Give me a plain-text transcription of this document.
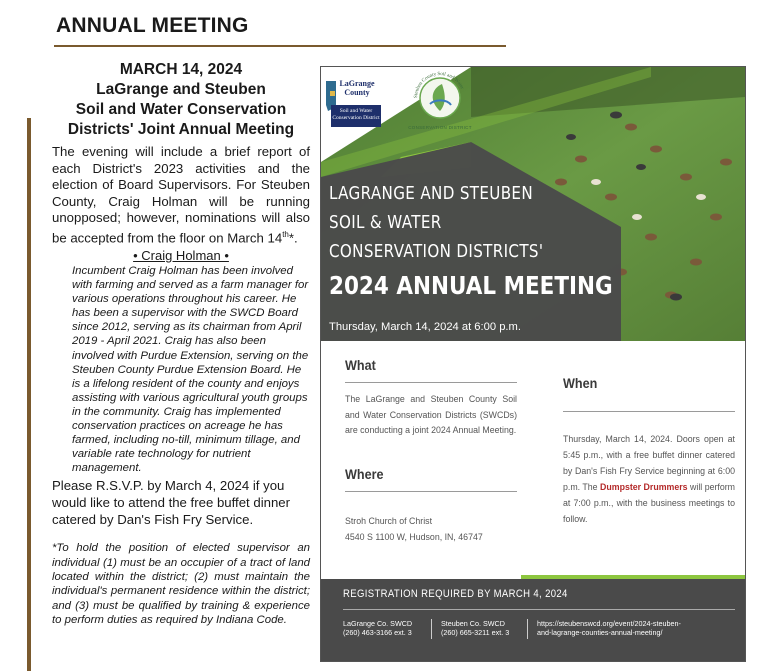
ANNUAL MEETING
MARCH 14, 2024
LaGrange and Steuben
Soil and Water Conservation
Districts' Joint Annual Meeting
The evening will include a brief report of each District's 2023 activities and the election of Board Supervisors. For Steuben County, Craig Holman will be running unopposed; however, nominations will also be accepted from the floor on March 14th*.
• Craig Holman •
Incumbent Craig Holman has been involved with farming and served as a farm manager for various operations throughout his career. He has been a supervisor with the SWCD Board since 2012, serving as its chairman from April 2019 - April 2021. Craig has also been involved with Purdue Extension, serving on the Steuben County Purdue Extension Board. He is a lifelong resident of the county and enjoys assisting with various agricultural youth groups in the community. Craig has implemented conservation practices on acreage he has farmed, including no-till, minimum tillage, and variable rate technology for nutrient management.
Please R.S.V.P. by March 4, 2024 if you would like to attend the free buffet dinner catered by Dan's Fish Fry Service.
*To hold the position of elected supervisor an individual (1) must be an occupier of a tract of land located within the district; (2) must maintain the individual's permanent residence within the district; and (3) must be qualified by training & experience to perform duties as required by Indiana Code.
LaGrange County
Soil and Water Conservation District
Steuben County Soil and Water
CONSERVATION DISTRICT
LAGRANGE AND STEUBEN
SOIL & WATER
CONSERVATION DISTRICTS'
2024 ANNUAL MEETING
Thursday, March 14, 2024 at 6:00 p.m.
What
The LaGrange and Steuben County Soil and Water Conservation Districts (SWCDs) are conducting a joint 2024 Annual Meeting.
Where
Stroh Church of Christ
4540 S 1100 W, Hudson, IN, 46747
When
Thursday, March 14, 2024. Doors open at 5:45 p.m., with a free buffet dinner catered by Dan's Fish Fry Service beginning at 6:00 p.m. The Dumpster Drummers will perform at 7:00 p.m., with the business meetings to follow.
REGISTRATION REQUIRED BY MARCH 4, 2024
LaGrange Co. SWCD
(260) 463-3166 ext. 3
Steuben Co. SWCD
(260) 665-3211 ext. 3
https://steubenswcd.org/event/2024-steuben-
and-lagrange-counties-annual-meeting/
